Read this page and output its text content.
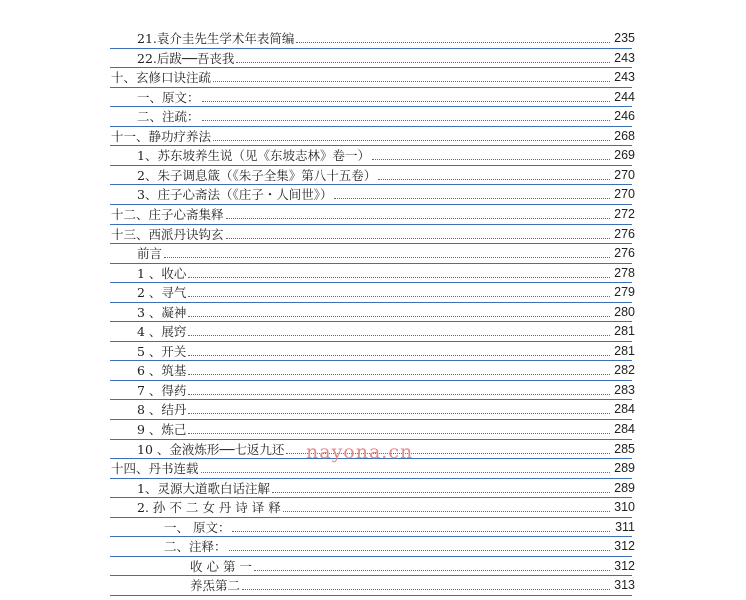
21.袁介圭先生学术年表简编	235
22.后跋──吾丧我	243
十、玄修口诀注疏	243
一、原文：	244
二、注疏：	246
十一、静功疗养法	268
1、苏东坡养生说（见《东坡志林》卷一）	269
2、朱子调息箴（《朱子全集》第八十五卷）	270
3、庄子心斋法（《庄子・人间世》）	270
十二、庄子心斋集释	272
十三、西派丹诀钩玄	276
前言	276
1 、收心	278
2 、寻气	279
3 、凝神	280
4 、展窍	281
5 、开关	281
6 、筑基	282
7 、得药	283
8 、结丹	284
9 、炼己	284
10 、金液炼形──七返九还	285
十四、丹书连载	289
1、灵源大道歌白话注解	289
2. 孙 不 二 女 丹 诗 译 释	310
一、 原文：	311
二、注释：	312
收 心 第 一	312
养炁第二	313
nayona.cn
